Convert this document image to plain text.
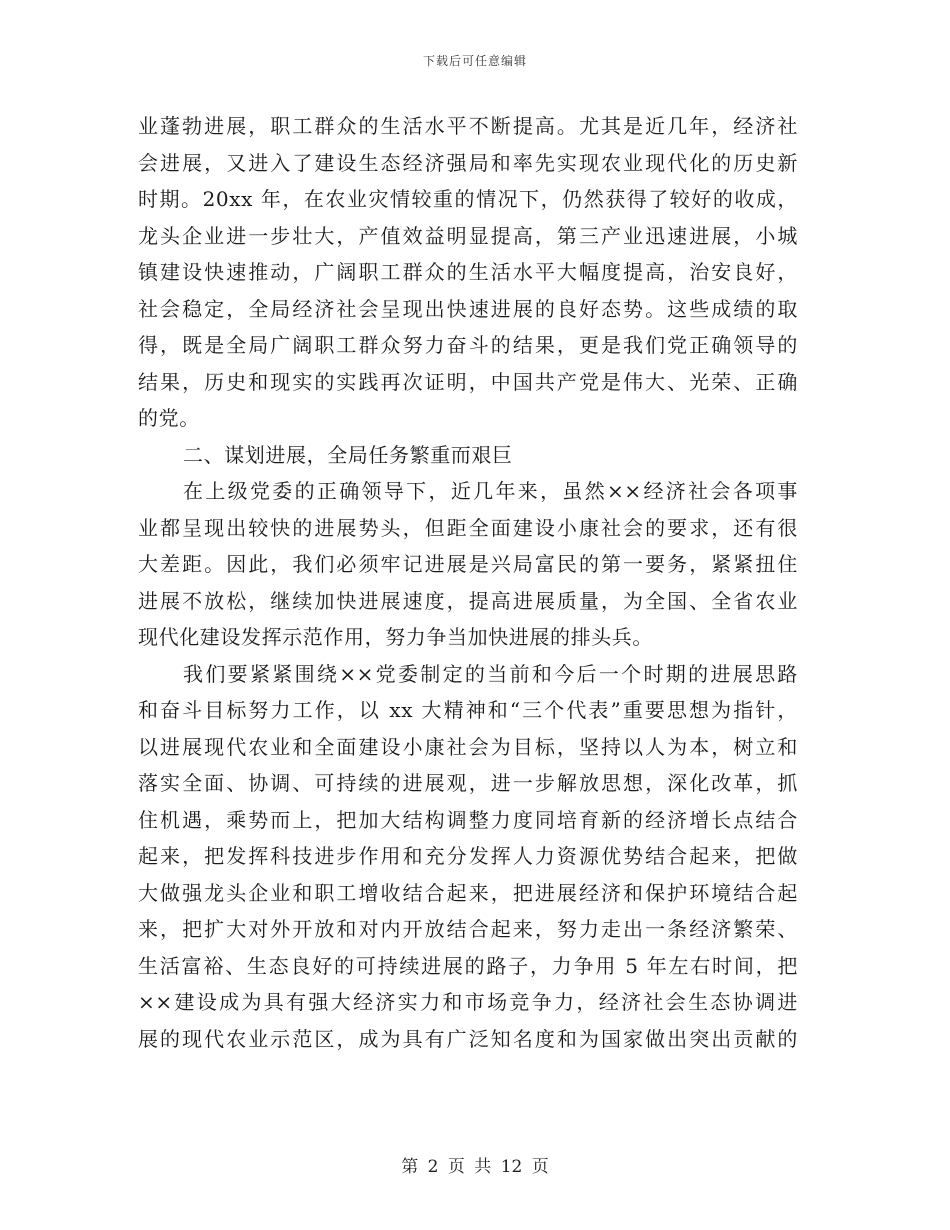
下载后可任意编辑
业蓬勃进展，职工群众的生活水平不断提高。尤其是近几年，经济社
会进展，又进入了建设生态经济强局和率先实现农业现代化的历史新
时期。20xx 年，在农业灾情较重的情况下，仍然获得了较好的收成，
龙头企业进一步壮大，产值效益明显提高，第三产业迅速进展，小城
镇建设快速推动，广阔职工群众的生活水平大幅度提高，治安良好，
社会稳定，全局经济社会呈现出快速进展的良好态势。这些成绩的取
得，既是全局广阔职工群众努力奋斗的结果，更是我们党正确领导的
结果，历史和现实的实践再次证明，中国共产党是伟大、光荣、正确
的党。
二、谋划进展，全局任务繁重而艰巨
在上级党委的正确领导下，近几年来，虽然××经济社会各项事
业都呈现出较快的进展势头，但距全面建设小康社会的要求，还有很
大差距。因此，我们必须牢记进展是兴局富民的第一要务，紧紧扭住
进展不放松，继续加快进展速度，提高进展质量，为全国、全省农业
现代化建设发挥示范作用，努力争当加快进展的排头兵。
我们要紧紧围绕××党委制定的当前和今后一个时期的进展思路
和奋斗目标努力工作，以 xx 大精神和“三个代表”重要思想为指针，
以进展现代农业和全面建设小康社会为目标，坚持以人为本，树立和
落实全面、协调、可持续的进展观，进一步解放思想，深化改革，抓
住机遇，乘势而上，把加大结构调整力度同培育新的经济增长点结合
起来，把发挥科技进步作用和充分发挥人力资源优势结合起来，把做
大做强龙头企业和职工增收结合起来，把进展经济和保护环境结合起
来，把扩大对外开放和对内开放结合起来，努力走出一条经济繁荣、
生活富裕、生态良好的可持续进展的路子，力争用 5 年左右时间，把
××建设成为具有强大经济实力和市场竞争力，经济社会生态协调进
展的现代农业示范区，成为具有广泛知名度和为国家做出突出贡献的
第 2 页 共 12 页
